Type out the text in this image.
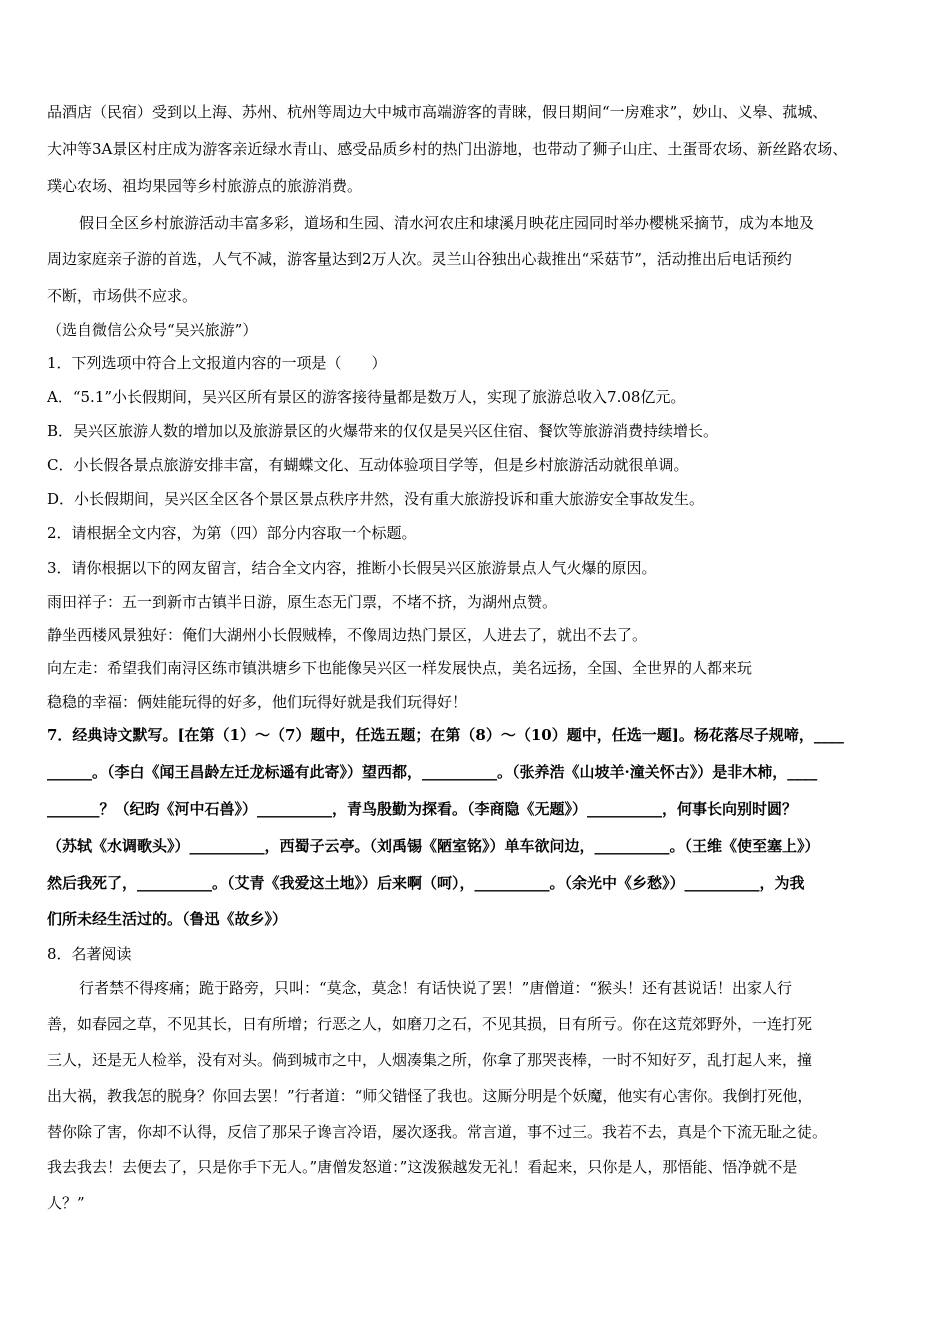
品酒店（民宿）受到以上海、苏州、杭州等周边大中城市高端游客的青睐，假日期间“一房难求”，妙山、义皋、菰城、
大冲等3A景区村庄成为游客亲近绿水青山、感受品质乡村的热门出游地，也带动了狮子山庄、土蛋哥农场、新丝路农场、
璞心农场、祖均果园等乡村旅游点的旅游消费。
假日全区乡村旅游活动丰富多彩，道场和生园、清水河农庄和埭溪月映花庄园同时举办樱桃采摘节，成为本地及
周边家庭亲子游的首选，人气不减，游客量达到2万人次。灵兰山谷独出心裁推出“采菇节”，活动推出后电话预约
不断，市场供不应求。
（选自微信公众号“吴兴旅游”）
1．下列选项中符合上文报道内容的一项是（　　）
A．“5.1”小长假期间，吴兴区所有景区的游客接待量都是数万人，实现了旅游总收入7.08亿元。
B．吴兴区旅游人数的增加以及旅游景区的火爆带来的仅仅是吴兴区住宿、餐饮等旅游消费持续增长。
C．小长假各景点旅游安排丰富，有蝴蝶文化、互动体验项目学等，但是乡村旅游活动就很单调。
D．小长假期间，吴兴区全区各个景区景点秩序井然，没有重大旅游投诉和重大旅游安全事故发生。
2．请根据全文内容，为第（四）部分内容取一个标题。
3．请你根据以下的网友留言，结合全文内容，推断小长假吴兴区旅游景点人气火爆的原因。
雨田祥子：五一到新市古镇半日游，原生态无门票，不堵不挤，为湖州点赞。
静坐西楼风景独好：俺们大湖州小长假贼棒，不像周边热门景区，人进去了，就出不去了。
向左走：希望我们南浔区练市镇洪塘乡下也能像吴兴区一样发展快点，美名远扬，全国、全世界的人都来玩
稳稳的幸福：俩娃能玩得的好多，他们玩得好就是我们玩得好！
7．经典诗文默写。[在第（1）～（7）题中，任选五题；在第（8）～（10）题中，任选一题]。杨花落尽子规啼，____
______。（李白《闻王昌龄左迁龙标遥有此寄》）望西都，__________。（张养浩《山坡羊·潼关怀古》）是非木柿，____
_______？（纪昀《河中石兽》）__________，青鸟殷勤为探看。（李商隐《无题》）__________，何事长向别时圆？
（苏轼《水调歌头》）__________，西蜀子云亭。（刘禹锡《陋室铭》）单车欲问边，__________。（王维《使至塞上》）
然后我死了，__________。（艾青《我爱这土地》）后来啊（呵），__________。（余光中《乡愁》）__________，为我
们所未经生活过的。（鲁迅《故乡》）
8．名著阅读
行者禁不得疼痛；跪于路旁，只叫：“莫念，莫念！有话快说了罢！”唐僧道：“猴头！还有甚说话！出家人行
善，如春园之草，不见其长，日有所增；行恶之人，如磨刀之石，不见其损，日有所亏。你在这荒郊野外，一连打死
三人，还是无人检举，没有对头。倘到城市之中，人烟凑集之所，你拿了那哭丧棒，一时不知好歹，乱打起人来，撞
出大祸，教我怎的脱身？你回去罢！”行者道：“师父错怪了我也。这厮分明是个妖魔，他实有心害你。我倒打死他，
替你除了害，你却不认得，反信了那呆子谗言冷语，屡次逐我。常言道，事不过三。我若不去，真是个下流无耻之徒。
我去我去！去便去了，只是你手下无人。”唐僧发怒道：”这泼猴越发无礼！看起来，只你是人，那悟能、悟净就不是
人？”
